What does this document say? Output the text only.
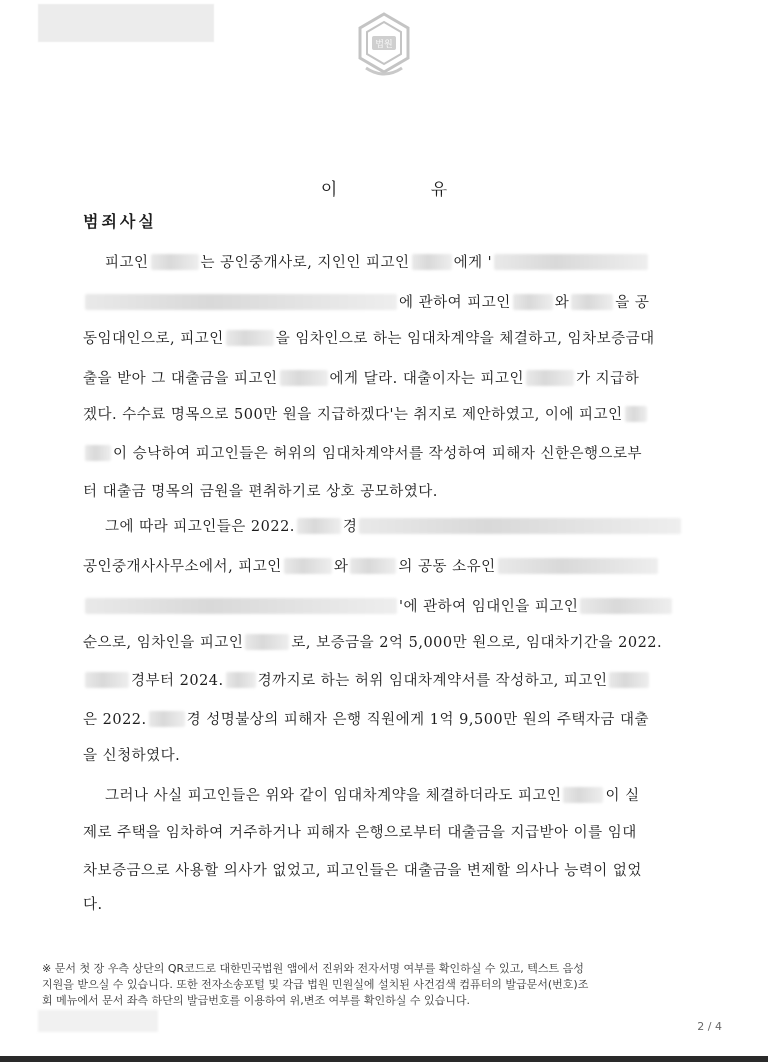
법원
이 유
범죄사실
피고인	는 공인중개사로, 지인인 피고인	에게 '
에 관하여 피고인	와	을 공
동임대인으로, 피고인	을 임차인으로 하는 임대차계약을 체결하고, 임차보증금대
출을 받아 그 대출금을 피고인	에게 달라. 대출이자는 피고인	가 지급하
겠다. 수수료 명목으로 500만 원을 지급하겠다'는 취지로 제안하였고, 이에 피고인
이 승낙하여 피고인들은 허위의 임대차계약서를 작성하여 피해자 신한은행으로부
터 대출금 명목의 금원을 편취하기로 상호 공모하였다.
그에 따라 피고인들은 2022.	경
공인중개사사무소에서, 피고인	와	의 공동 소유인
'에 관하여 임대인을 피고인
순으로, 임차인을 피고인	로, 보증금을 2억 5,000만 원으로, 임대차기간을 2022.
경부터 2024. 경까지로 하는 허위 임대차계약서를 작성하고, 피고인
은 2022.	경 성명불상의 피해자 은행 직원에게 1억 9,500만 원의 주택자금 대출
을 신청하였다.
그러나 사실 피고인들은 위와 같이 임대차계약을 체결하더라도 피고인	이 실
제로 주택을 임차하여 거주하거나 피해자 은행으로부터 대출금을 지급받아 이를 임대
차보증금으로 사용할 의사가 없었고, 피고인들은 대출금을 변제할 의사나 능력이 없었
다.
※ 문서 첫 장 우측 상단의 QR코드로 대한민국법원 앱에서 진위와 전자서명 여부를 확인하실 수 있고, 텍스트 음성
지원을 받으실 수 있습니다. 또한 전자소송포털 및 각급 법원 민원실에 설치된 사건검색 컴퓨터의 발급문서(번호)조
회 메뉴에서 문서 좌측 하단의 발급번호를 이용하여 위,변조 여부를 확인하실 수 있습니다.
2 / 4
